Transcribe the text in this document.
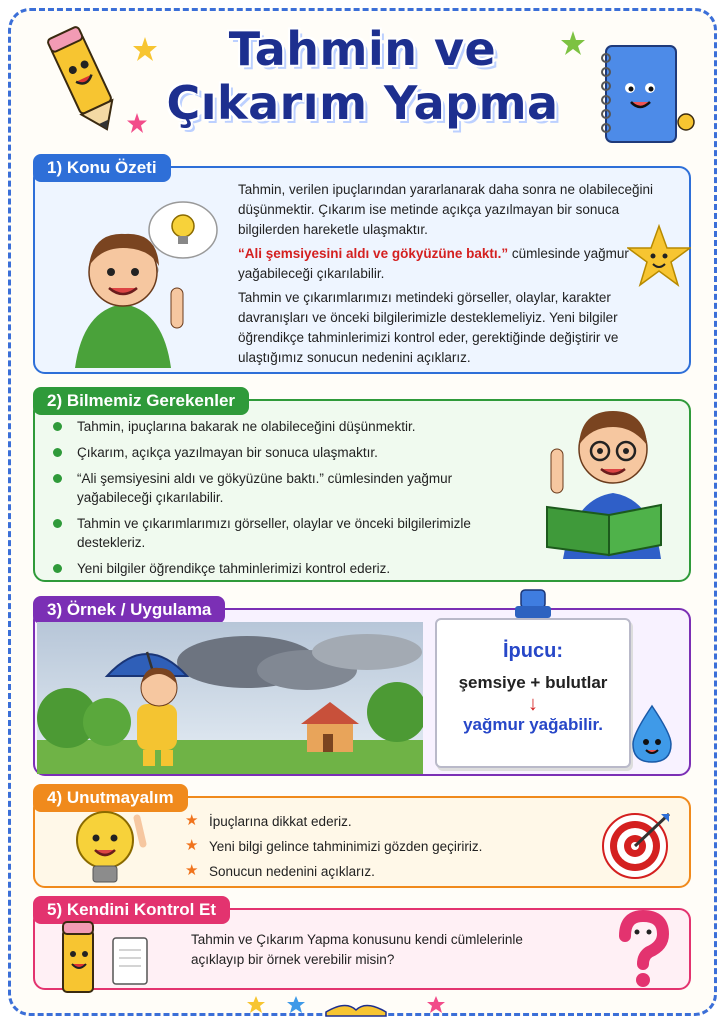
Tahmin ve
Çıkarım Yapma
1) Konu Özeti

Tahmin, verilen ipuçlarından yararlanarak daha sonra ne olabileceğini düşünmektir. Çıkarım ise metinde açıkça yazılmayan bir sonuca bilgilerden hareketle ulaşmaktır.

“Ali şemsiyesini aldı ve gökyüzüne baktı.” cümlesinde yağmur yağabileceği çıkarılabilir.

Tahmin ve çıkarımlarımızı metindeki görseller, olaylar, karakter davranışları ve önceki bilgilerimizle desteklemeliyiz. Yeni bilgiler öğrendikçe tahminlerimizi kontrol eder, gerektiğinde değiştirir ve ulaştığımız sonucun nedenini açıklarız.

2) Bilmemiz Gerekenler
Tahmin, ipuçlarına bakarak ne olabileceğini düşünmektir.
Çıkarım, açıkça yazılmayan bir sonuca ulaşmaktır.
“Ali şemsiyesini aldı ve gökyüzüne baktı.” cümlesinden yağmur yağabileceği çıkarılabilir.
Tahmin ve çıkarımlarımızı görseller, olaylar ve önceki bilgilerimizle destekleriz.
Yeni bilgiler öğrendikçe tahminlerimizi kontrol ederiz.
3) Örnek / Uygulama
İpucu:
şemsiye + bulutlar
↓
yağmur yağabilir.
4) Unutmayalım
★ İpuçlarına dikkat ederiz.
★ Yeni bilgi gelince tahminimizi gözden geçiririz.
★ Sonucun nedenini açıklarız.
5) Kendini Kontrol Et
Tahmin ve Çıkarım Yapma konusunu kendi cümlelerinle açıklayıp bir örnek verebilir misin?
